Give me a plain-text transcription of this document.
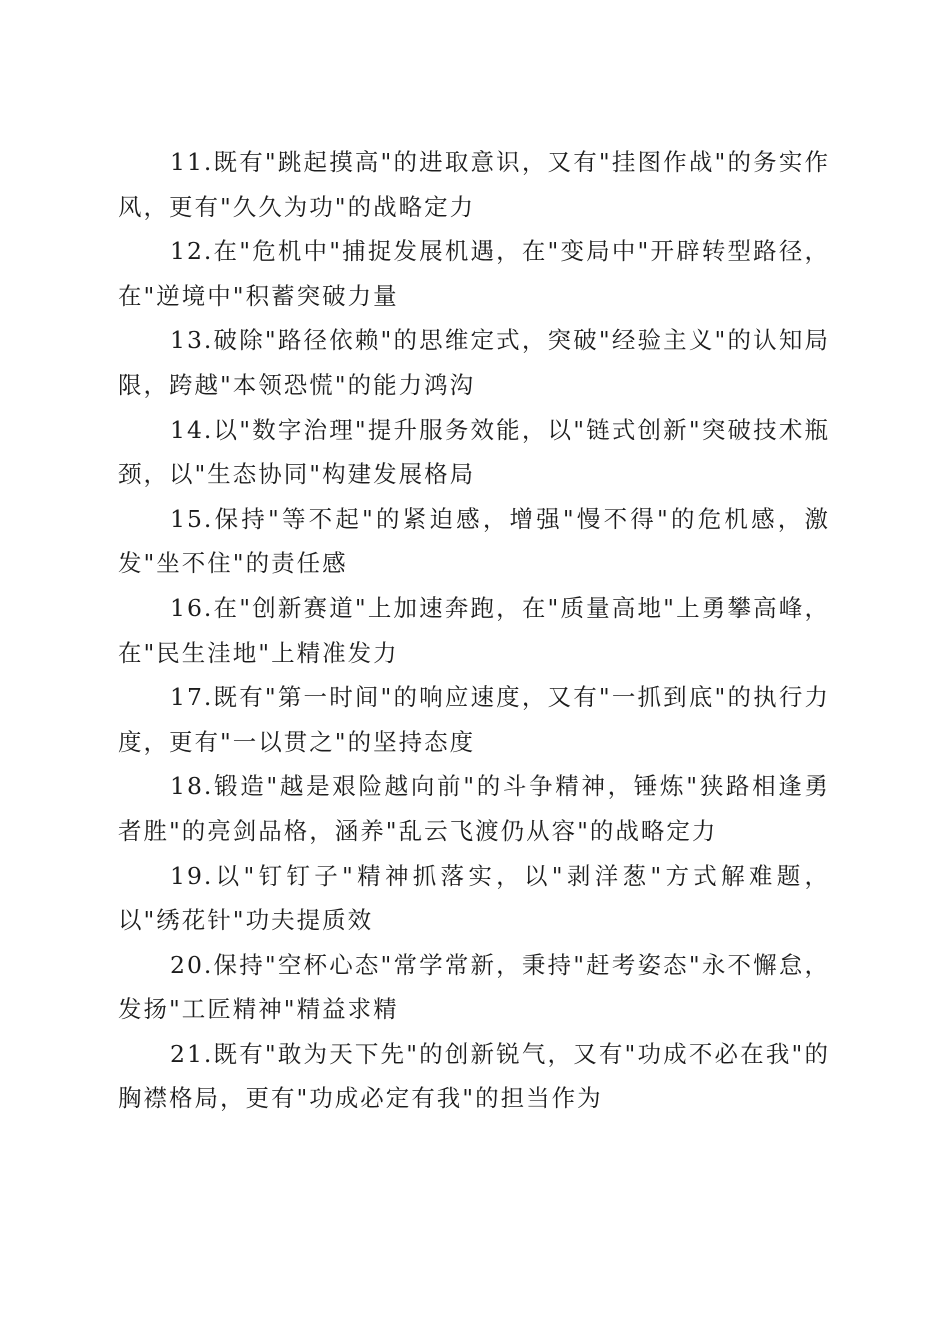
11.既有"跳起摸高"的进取意识，又有"挂图作战"的务实作风，更有"久久为功"的战略定力

12.在"危机中"捕捉发展机遇，在"变局中"开辟转型路径，在"逆境中"积蓄突破力量

13.破除"路径依赖"的思维定式，突破"经验主义"的认知局限，跨越"本领恐慌"的能力鸿沟

14.以"数字治理"提升服务效能，以"链式创新"突破技术瓶颈，以"生态协同"构建发展格局

15.保持"等不起"的紧迫感，增强"慢不得"的危机感，激发"坐不住"的责任感

16.在"创新赛道"上加速奔跑，在"质量高地"上勇攀高峰，在"民生洼地"上精准发力

17.既有"第一时间"的响应速度，又有"一抓到底"的执行力度，更有"一以贯之"的坚持态度

18.锻造"越是艰险越向前"的斗争精神，锤炼"狭路相逢勇者胜"的亮剑品格，涵养"乱云飞渡仍从容"的战略定力

19.以"钉钉子"精神抓落实，以"剥洋葱"方式解难题，以"绣花针"功夫提质效

20.保持"空杯心态"常学常新，秉持"赶考姿态"永不懈怠，发扬"工匠精神"精益求精

21.既有"敢为天下先"的创新锐气，又有"功成不必在我"的胸襟格局，更有"功成必定有我"的担当作为
